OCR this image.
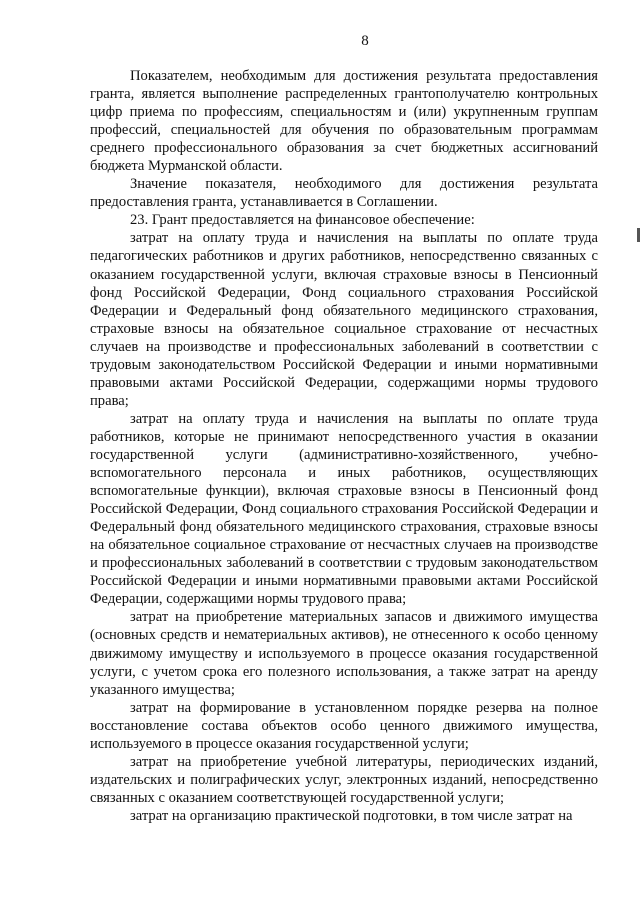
8

Показателем, необходимым для достижения результата предоставления гранта, является выполнение распределенных грантополучателю контрольных цифр приема по профессиям, специальностям и (или) укрупненным группам профессий, специальностей для обучения по образовательным программам среднего профессионального образования за счет бюджетных ассигнований бюджета Мурманской области.

Значение показателя, необходимого для достижения результата предоставления гранта, устанавливается в Соглашении.

23. Грант предоставляется на финансовое обеспечение:

затрат на оплату труда и начисления на выплаты по оплате труда педагогических работников и других работников, непосредственно связанных с оказанием государственной услуги, включая страховые взносы в Пенсионный фонд Российской Федерации, Фонд социального страхования Российской Федерации и Федеральный фонд обязательного медицинского страхования, страховые взносы на обязательное социальное страхование от несчастных случаев на производстве и профессиональных заболеваний в соответствии с трудовым законодательством Российской Федерации и иными нормативными правовыми актами Российской Федерации, содержащими нормы трудового права;

затрат на оплату труда и начисления на выплаты по оплате труда работников, которые не принимают непосредственного участия в оказании государственной услуги (административно-хозяйственного, учебно-вспомогательного персонала и иных работников, осуществляющих вспомогательные функции), включая страховые взносы в Пенсионный фонд Российской Федерации, Фонд социального страхования Российской Федерации и Федеральный фонд обязательного медицинского страхования, страховые взносы на обязательное социальное страхование от несчастных случаев на производстве и профессиональных заболеваний в соответствии с трудовым законодательством Российской Федерации и иными нормативными правовыми актами Российской Федерации, содержащими нормы трудового права;

затрат на приобретение материальных запасов и движимого имущества (основных средств и нематериальных активов), не отнесенного к особо ценному движимому имуществу и используемого в процессе оказания государственной услуги, с учетом срока его полезного использования, а также затрат на аренду указанного имущества;

затрат на формирование в установленном порядке резерва на полное восстановление состава объектов особо ценного движимого имущества, используемого в процессе оказания государственной услуги;

затрат на приобретение учебной литературы, периодических изданий, издательских и полиграфических услуг, электронных изданий, непосредственно связанных с оказанием соответствующей государственной услуги;

затрат на организацию практической подготовки, в том числе затрат на
